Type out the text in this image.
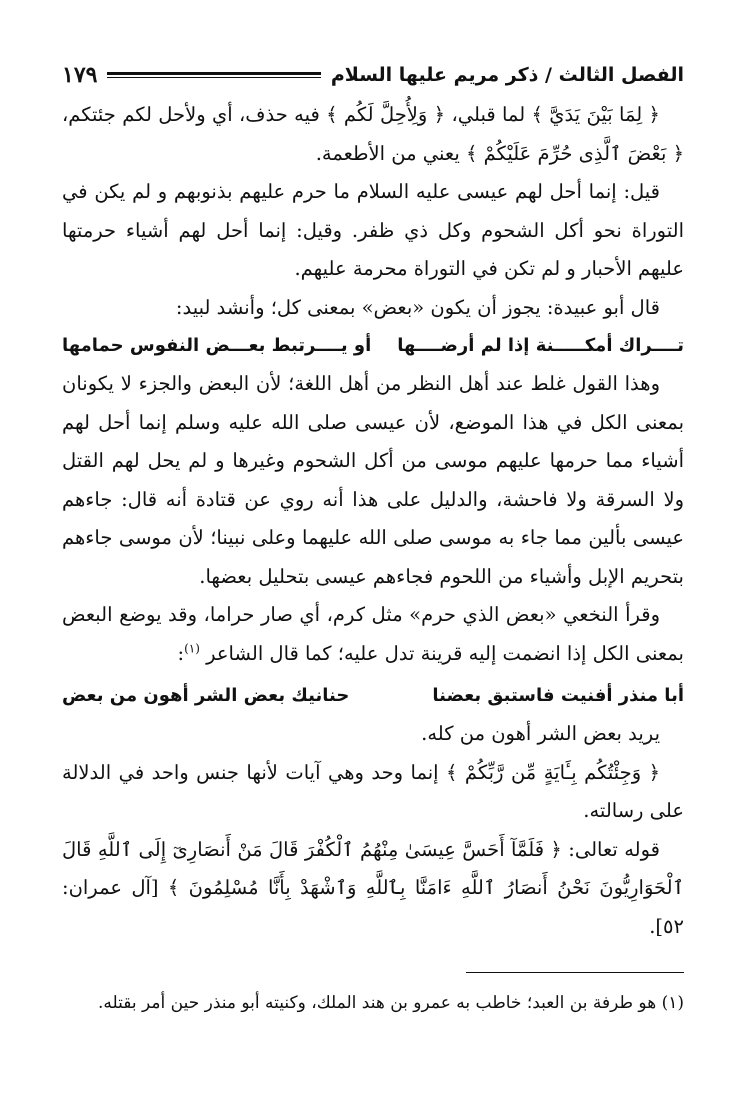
الفصل الثالث / ذكر مريم عليها السلام
١٧٩

﴿ لِمَا بَيْنَ يَدَيَّ ﴾ لما قبلي، ﴿ وَلِأُحِلَّ لَكُم ﴾ فيه حذف، أي ولأحل لكم جئتكم، ﴿ بَعْضَ ٱلَّذِى حُرِّمَ عَلَيْكُمْ ﴾ يعني من الأطعمة.

قيل: إنما أحل لهم عيسى عليه السلام ما حرم عليهم بذنوبهم و لم يكن في التوراة نحو أكل الشحوم وكل ذي ظفر. وقيل: إنما أحل لهم أشياء حرمتها عليهم الأحبار و لم تكن في التوراة محرمة عليهم.

قال أبو عبيدة: يجوز أن يكون «بعض» بمعنى كل؛ وأنشد لبيد:

تــــراك أمكـــــنة إذا لم أرضــــها
أو يــــرتبط بعـــض النفوس حمامها

وهذا القول غلط عند أهل النظر من أهل اللغة؛ لأن البعض والجزء لا يكونان بمعنى الكل في هذا الموضع، لأن عيسى صلى الله عليه وسلم إنما أحل لهم أشياء مما حرمها عليهم موسى من أكل الشحوم وغيرها و لم يحل لهم القتل ولا السرقة ولا فاحشة، والدليل على هذا أنه روي عن قتادة أنه قال: جاءهم عيسى بألين مما جاء به موسى صلى الله عليهما وعلى نبينا؛ لأن موسى جاءهم بتحريم الإبل وأشياء من اللحوم فجاءهم عيسى بتحليل بعضها.

وقرأ النخعي «بعض الذي حرم» مثل كرم، أي صار حراما، وقد يوضع البعض بمعنى الكل إذا انضمت إليه قرينة تدل عليه؛ كما قال الشاعر $^{(١)}$:

أبا منذر أفنيت فاستبق بعضنا
حنانيك بعض الشر أهون من بعض

يريد بعض الشر أهون من كله.

﴿ وَجِئْتُكُم بِـَٔايَةٍ مِّن رَّبِّكُمْ ﴾ إنما وحد وهي آيات لأنها جنس واحد في الدلالة على رسالته.

قوله تعالى: ﴿ فَلَمَّآ أَحَسَّ عِيسَىٰ مِنْهُمُ ٱلْكُفْرَ قَالَ مَنْ أَنصَارِىٓ إِلَى ٱللَّهِ قَالَ ٱلْحَوَارِيُّونَ نَحْنُ أَنصَارُ ٱللَّهِ ءَامَنَّا بِٱللَّهِ وَٱشْهَدْ بِأَنَّا مُسْلِمُونَ ﴾ [آل عمران: ٥٢].

(١) هو طرفة بن العبد؛ خاطب به عمرو بن هند الملك، وكنيته أبو منذر حين أمر بقتله.
